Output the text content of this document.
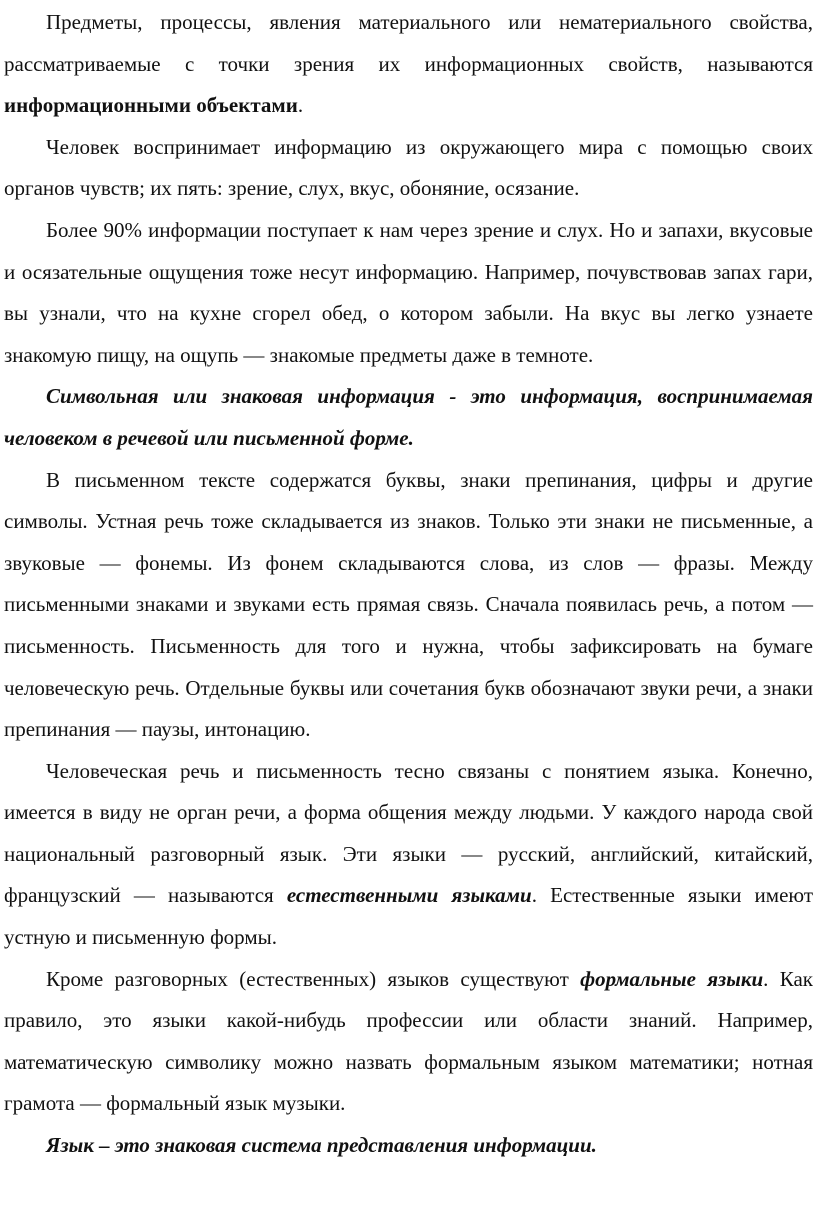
Предметы, процессы, явления материального или нематериального свойства, рассматриваемые с точки зрения их информационных свойств, называются информационными объектами.

Человек воспринимает информацию из окружающего мира с помощью своих органов чувств; их пять: зрение, слух, вкус, обоняние, осязание.

Более 90% информации поступает к нам через зрение и слух. Но и запахи, вкусовые и осязательные ощущения тоже несут информацию. Например, почувствовав запах гари, вы узнали, что на кухне сгорел обед, о котором забыли. На вкус вы легко узнаете знакомую пищу, на ощупь — знакомые предметы даже в темноте.

Символьная или знаковая информация - это информация, воспринимаемая человеком в речевой или письменной форме.

В письменном тексте содержатся буквы, знаки препинания, цифры и другие символы. Устная речь тоже складывается из знаков. Только эти знаки не письменные, а звуковые — фонемы. Из фонем складываются слова, из слов — фразы. Между письменными знаками и звуками есть прямая связь. Сначала появилась речь, а потом — письменность. Письменность для того и нужна, чтобы зафиксировать на бумаге человеческую речь. Отдельные буквы или сочетания букв обозначают звуки речи, а знаки препинания — паузы, интонацию.

Человеческая речь и письменность тесно связаны с понятием языка. Конечно, имеется в виду не орган речи, а форма общения между людьми. У каждого народа свой национальный разговорный язык. Эти языки — русский, английский, китайский, французский — называются естественными языками. Естественные языки имеют устную и письменную формы.

Кроме разговорных (естественных) языков существуют формальные языки. Как правило, это языки какой-нибудь профессии или области знаний. Например, математическую символику можно назвать формальным языком математики; нотная грамота — формальный язык музыки.

Язык – это знаковая система представления информации.
